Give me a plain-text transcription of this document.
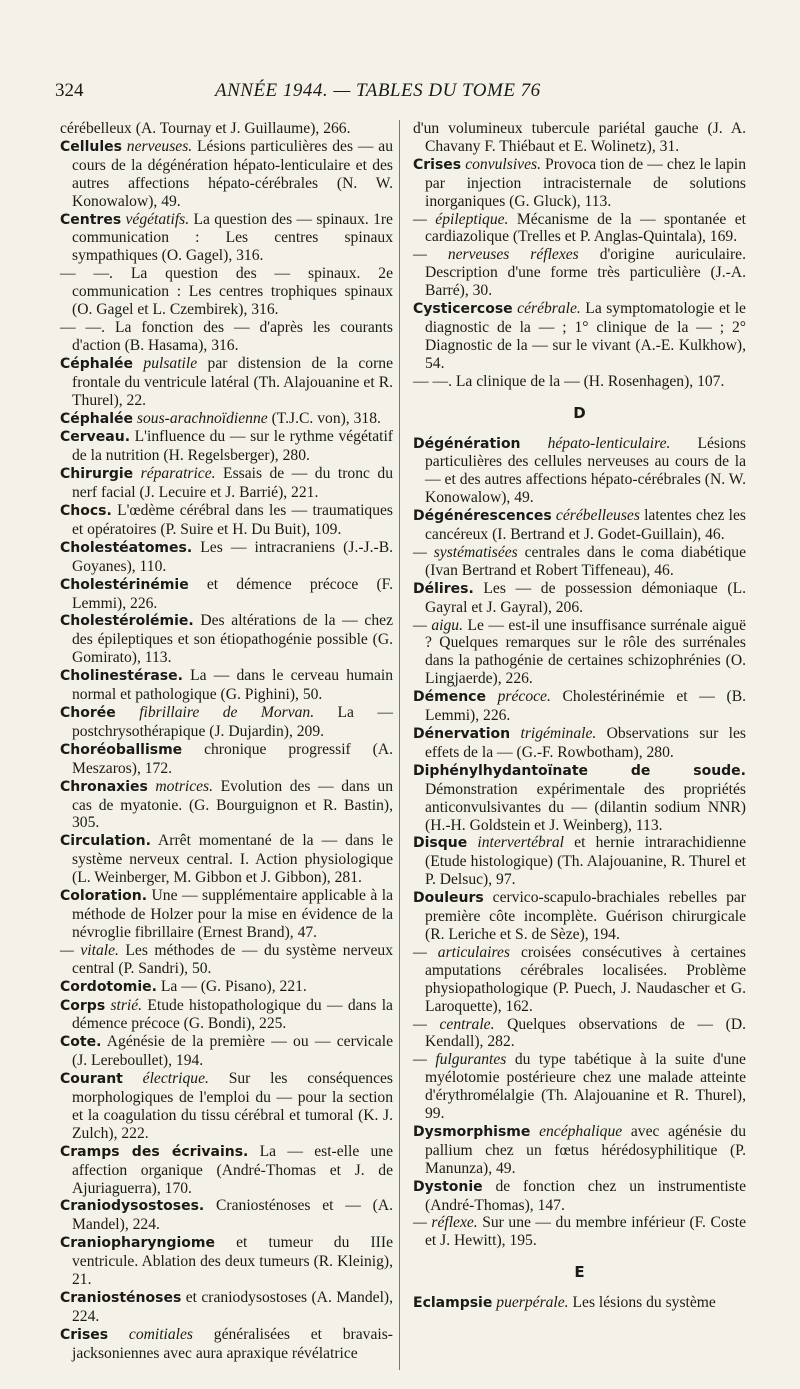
324	ANNÉE 1944. — TABLES DU TOME 76

cérébelleux (A. Tournay et J. Guillaume), 266.

Cellules nerveuses. Lésions particulières des — au cours de la dégénération hépato-lenticulaire et des autres affections hépato-cérébrales (N. W. Konowalow), 49.

Centres végétatifs. La question des — spinaux. 1re communication : Les centres spinaux sympathiques (O. Gagel), 316.

— —. La question des — spinaux. 2e communication : Les centres trophiques spinaux (O. Gagel et L. Czembirek), 316.

— —. La fonction des — d'après les courants d'action (B. Hasama), 316.

Céphalée pulsatile par distension de la corne frontale du ventricule latéral (Th. Alajouanine et R. Thurel), 22.

Céphalée sous-arachnoïdienne (T.J.C. von), 318.

Cerveau. L'influence du — sur le rythme végétatif de la nutrition (H. Regelsberger), 280.

Chirurgie réparatrice. Essais de — du tronc du nerf facial (J. Lecuire et J. Barrié), 221.

Chocs. L'œdème cérébral dans les — traumatiques et opératoires (P. Suire et H. Du Buit), 109.

Cholestéatomes. Les — intracraniens (J.-J.-B. Goyanes), 110.

Cholestérinémie et démence précoce (F. Lemmi), 226.

Cholestérolémie. Des altérations de la — chez des épileptiques et son étiopathogénie possible (G. Gomirato), 113.

Cholinestérase. La — dans le cerveau humain normal et pathologique (G. Pighini), 50.

Chorée fibrillaire de Morvan. La — postchrysothérapique (J. Dujardin), 209.

Choréoballisme chronique progressif (A. Meszaros), 172.

Chronaxies motrices. Evolution des — dans un cas de myatonie. (G. Bourguignon et R. Bastin), 305.

Circulation. Arrêt momentané de la — dans le système nerveux central. I. Action physiologique (L. Weinberger, M. Gibbon et J. Gibbon), 281.

Coloration. Une — supplémentaire applicable à la méthode de Holzer pour la mise en évidence de la névroglie fibrillaire (Ernest Brand), 47.

— vitale. Les méthodes de — du système nerveux central (P. Sandri), 50.

Cordotomie. La — (G. Pisano), 221.

Corps strié. Etude histopathologique du — dans la démence précoce (G. Bondi), 225.

Cote. Agénésie de la première — ou — cervicale (J. Lereboullet), 194.

Courant électrique. Sur les conséquences morphologiques de l'emploi du — pour la section et la coagulation du tissu cérébral et tumoral (K. J. Zulch), 222.

Cramps des écrivains. La — est-elle une affection organique (André-Thomas et J. de Ajuriaguerra), 170.

Craniodysostoses. Craniosténoses et — (A. Mandel), 224.

Craniopharyngiome et tumeur du IIIe ventricule. Ablation des deux tumeurs (R. Kleinig), 21.

Craniosténoses et craniodysostoses (A. Mandel), 224.

Crises comitiales généralisées et bravais-jacksoniennes avec aura apraxique révélatrice

d'un volumineux tubercule pariétal gauche (J. A. Chavany F. Thiébaut et E. Wolinetz), 31.

Crises convulsives. Provoca tion de — chez le lapin par injection intracisternale de solutions inorganiques (G. Gluck), 113.

— épileptique. Mécanisme de la — spontanée et cardiazolique (Trelles et P. Anglas-Quintala), 169.

— nerveuses réflexes d'origine auriculaire. Description d'une forme très particulière (J.-A. Barré), 30.

Cysticercose cérébrale. La symptomatologie et le diagnostic de la — ; 1° clinique de la — ; 2° Diagnostic de la — sur le vivant (A.-E. Kulkhow), 54.

— —. La clinique de la — (H. Rosenhagen), 107.

D

Dégénération hépato-lenticulaire. Lésions particulières des cellules nerveuses au cours de la — et des autres affections hépato-cérébrales (N. W. Konowalow), 49.

Dégénérescences cérébelleuses latentes chez les cancéreux (I. Bertrand et J. Godet-Guillain), 46.

— systématisées centrales dans le coma diabétique (Ivan Bertrand et Robert Tiffeneau), 46.

Délires. Les — de possession démoniaque (L. Gayral et J. Gayral), 206.

— aigu. Le — est-il une insuffisance surrénale aiguë ? Quelques remarques sur le rôle des surrénales dans la pathogénie de certaines schizophrénies (O. Lingjaerde), 226.

Démence précoce. Cholestérinémie et — (B. Lemmi), 226.

Dénervation trigéminale. Observations sur les effets de la — (G.-F. Rowbotham), 280.

Diphénylhydantoïnate de soude. Démonstration expérimentale des propriétés anticonvulsivantes du — (dilantin sodium NNR) (H.-H. Goldstein et J. Weinberg), 113.

Disque intervertébral et hernie intrarachidienne (Etude histologique) (Th. Alajouanine, R. Thurel et P. Delsuc), 97.

Douleurs cervico-scapulo-brachiales rebelles par première côte incomplète. Guérison chirurgicale (R. Leriche et S. de Sèze), 194.

— articulaires croisées consécutives à certaines amputations cérébrales localisées. Problème physiopathologique (P. Puech, J. Naudascher et G. Laroquette), 162.

— centrale. Quelques observations de — (D. Kendall), 282.

— fulgurantes du type tabétique à la suite d'une myélotomie postérieure chez une malade atteinte d'érythromélalgie (Th. Alajouanine et R. Thurel), 99.

Dysmorphisme encéphalique avec agénésie du pallium chez un fœtus hérédosyphilitique (P. Manunza), 49.

Dystonie de fonction chez un instrumentiste (André-Thomas), 147.

— réflexe. Sur une — du membre inférieur (F. Coste et J. Hewitt), 195.

E

Eclampsie puerpérale. Les lésions du système
